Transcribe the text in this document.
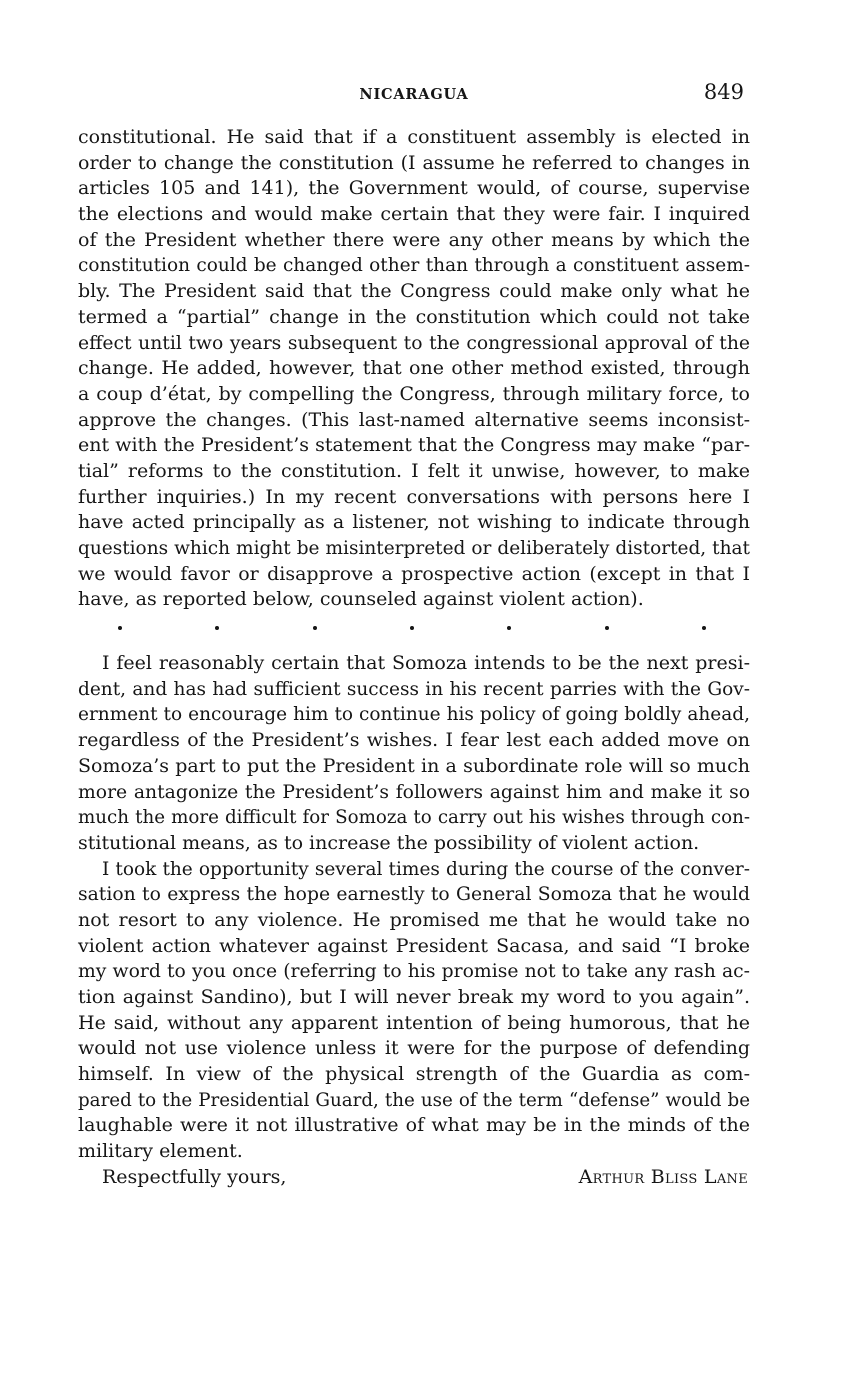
NICARAGUA	849
constitutional. He said that if a constituent assembly is elected in
order to change the constitution (I assume he referred to changes in
articles 105 and 141), the Government would, of course, supervise
the elections and would make certain that they were fair. I inquired
of the President whether there were any other means by which the
constitution could be changed other than through a constituent assem-
bly. The President said that the Congress could make only what he
termed a “partial” change in the constitution which could not take
effect until two years subsequent to the congressional approval of the
change. He added, however, that one other method existed, through
a coup d’état, by compelling the Congress, through military force, to
approve the changes. (This last-named alternative seems inconsist-
ent with the President’s statement that the Congress may make “par-
tial” reforms to the constitution. I felt it unwise, however, to make
further inquiries.) In my recent conversations with persons here I
have acted principally as a listener, not wishing to indicate through
questions which might be misinterpreted or deliberately distorted, that
we would favor or disapprove a prospective action (except in that I
have, as reported below, counseled against violent action).
I feel reasonably certain that Somoza intends to be the next presi-
dent, and has had sufficient success in his recent parries with the Gov-
ernment to encourage him to continue his policy of going boldly ahead,
regardless of the President’s wishes. I fear lest each added move on
Somoza’s part to put the President in a subordinate role will so much
more antagonize the President’s followers against him and make it so
much the more difficult for Somoza to carry out his wishes through con-
stitutional means, as to increase the possibility of violent action.
I took the opportunity several times during the course of the conver-
sation to express the hope earnestly to General Somoza that he would
not resort to any violence. He promised me that he would take no
violent action whatever against President Sacasa, and said “I broke
my word to you once (referring to his promise not to take any rash ac-
tion against Sandino), but I will never break my word to you again”.
He said, without any apparent intention of being humorous, that he
would not use violence unless it were for the purpose of defending
himself. In view of the physical strength of the Guardia as com-
pared to the Presidential Guard, the use of the term “defense” would be
laughable were it not illustrative of what may be in the minds of the
military element.
Respectfully yours,	Arthur Bliss Lane
